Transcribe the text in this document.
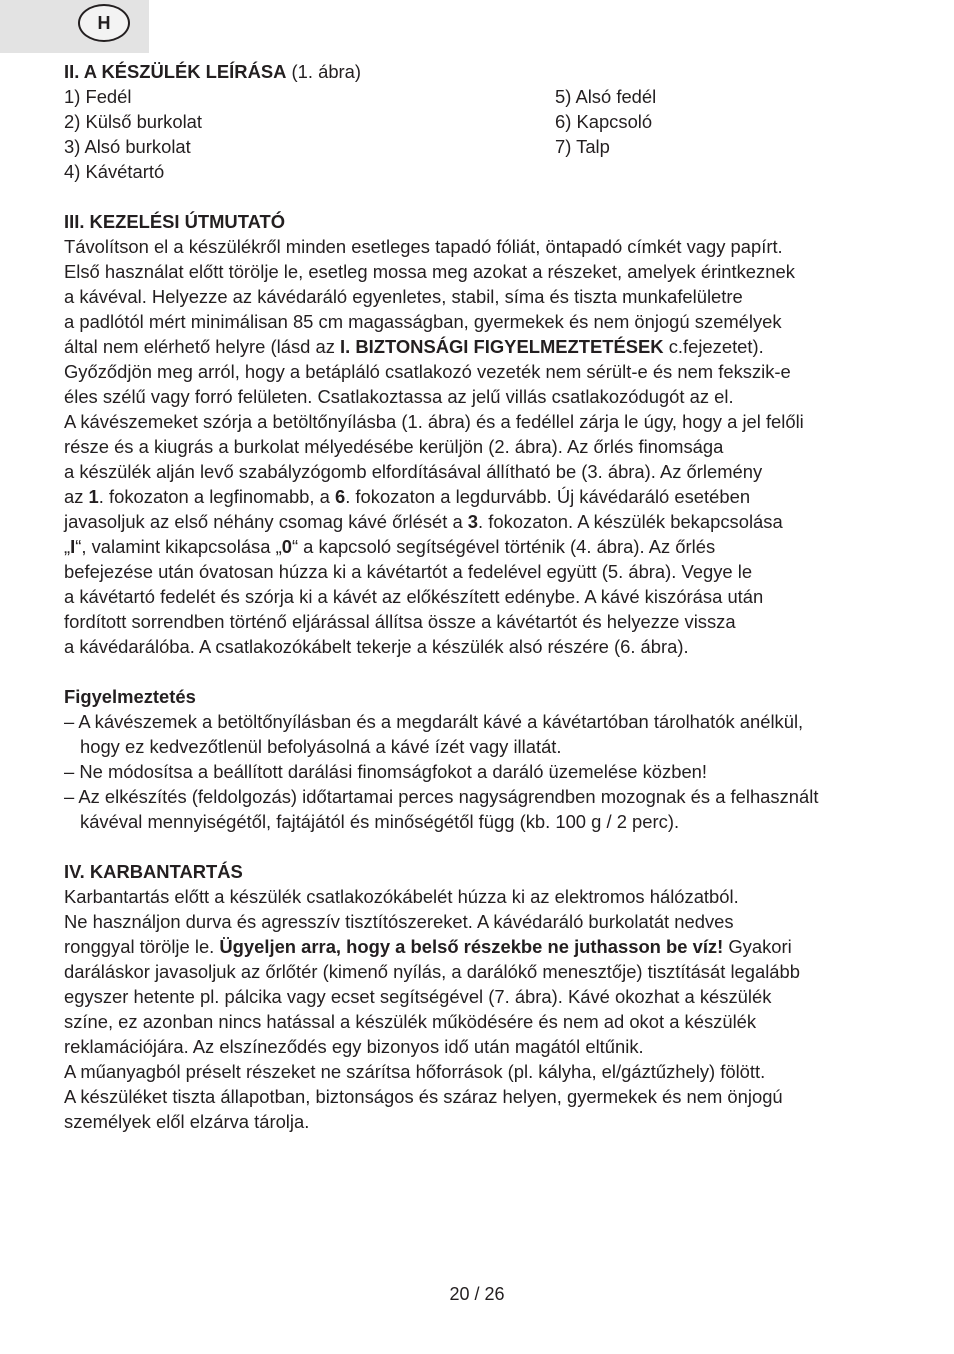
H
II. A KÉSZÜLÉK LEÍRÁSA (1. ábra)
1) Fedél
2) Külső burkolat
3) Alsó burkolat
4) Kávétartó
5) Alsó fedél
6) Kapcsoló
7) Talp
III. KEZELÉSI ÚTMUTATÓ
Távolítson el a készülékről minden esetleges tapadó fóliát, öntapadó címkét vagy papírt.
Első használat előtt törölje le, esetleg mossa meg azokat a részeket, amelyek érintkeznek
a kávéval. Helyezze az kávédaráló egyenletes, stabil, síma és tiszta munkafelületre
a padlótól mért minimálisan 85 cm magasságban, gyermekek és nem önjogú személyek
által nem elérhető helyre (lásd az I. BIZTONSÁGI FIGYELMEZTETÉSEK c.fejezetet).
Győződjön meg arról, hogy a betápláló csatlakozó vezeték nem sérült-e és nem fekszik-e
éles szélű vagy forró felületen. Csatlakoztassa az jelű villás csatlakozódugót az el.
A kávészemeket szórja a betöltőnyílásba (1. ábra) és a fedéllel zárja le úgy, hogy a jel felőli
része és a kiugrás a burkolat mélyedésébe kerüljön (2. ábra). Az őrlés finomsága
a készülék alján levő szabályzógomb elfordításával állítható be (3. ábra). Az őrlemény
az 1. fokozaton a legfinomabb, a 6. fokozaton a legdurvább. Új kávédaráló esetében
javasoljuk az első néhány csomag kávé őrlését a 3. fokozaton. A készülék bekapcsolása
„I“, valamint kikapcsolása „0“ a kapcsoló segítségével történik (4. ábra). Az őrlés
befejezése után óvatosan húzza ki a kávétartót a fedelével együtt (5. ábra). Vegye le
a kávétartó fedelét és szórja ki a kávét az előkészített edénybe. A kávé kiszórása után
fordított sorrendben történő eljárással állítsa össze a kávétartót és helyezze vissza
a kávédarálóba. A csatlakozókábelt tekerje a készülék alsó részére (6. ábra).
Figyelmeztetés
– A kávészemek a betöltőnyílásban és a megdarált kávé a kávétartóban tárolhatók anélkül,
hogy ez kedvezőtlenül befolyásolná a kávé ízét vagy illatát.
– Ne módosítsa a beállított darálási finomságfokot a daráló üzemelése közben!
– Az elkészítés (feldolgozás) időtartamai perces nagyságrendben mozognak és a felhasznált
kávéval mennyiségétől, fajtájától és minőségétől függ (kb. 100 g / 2 perc).
IV. KARBANTARTÁS
Karbantartás előtt a készülék csatlakozókábelét húzza ki az elektromos hálózatból.
Ne használjon durva és agresszív tisztítószereket. A kávédaráló burkolatát nedves
ronggyal törölje le. Ügyeljen arra, hogy a belső részekbe ne juthasson be víz! Gyakori
daráláskor javasoljuk az őrlőtér (kimenő nyílás, a darálókő menesztője) tisztítását legalább
egyszer hetente pl. pálcika vagy ecset segítségével (7. ábra). Kávé okozhat a készülék
színe, ez azonban nincs hatással a készülék működésére és nem ad okot a készülék
reklamációjára. Az elszíneződés egy bizonyos idő után magától eltűnik.
A műanyagból préselt részeket ne szárítsa hőforrások (pl. kályha, el/gáztűzhely) fölött.
A készüléket tiszta állapotban, biztonságos és száraz helyen, gyermekek és nem önjogú
személyek elől elzárva tárolja.
20 / 26
